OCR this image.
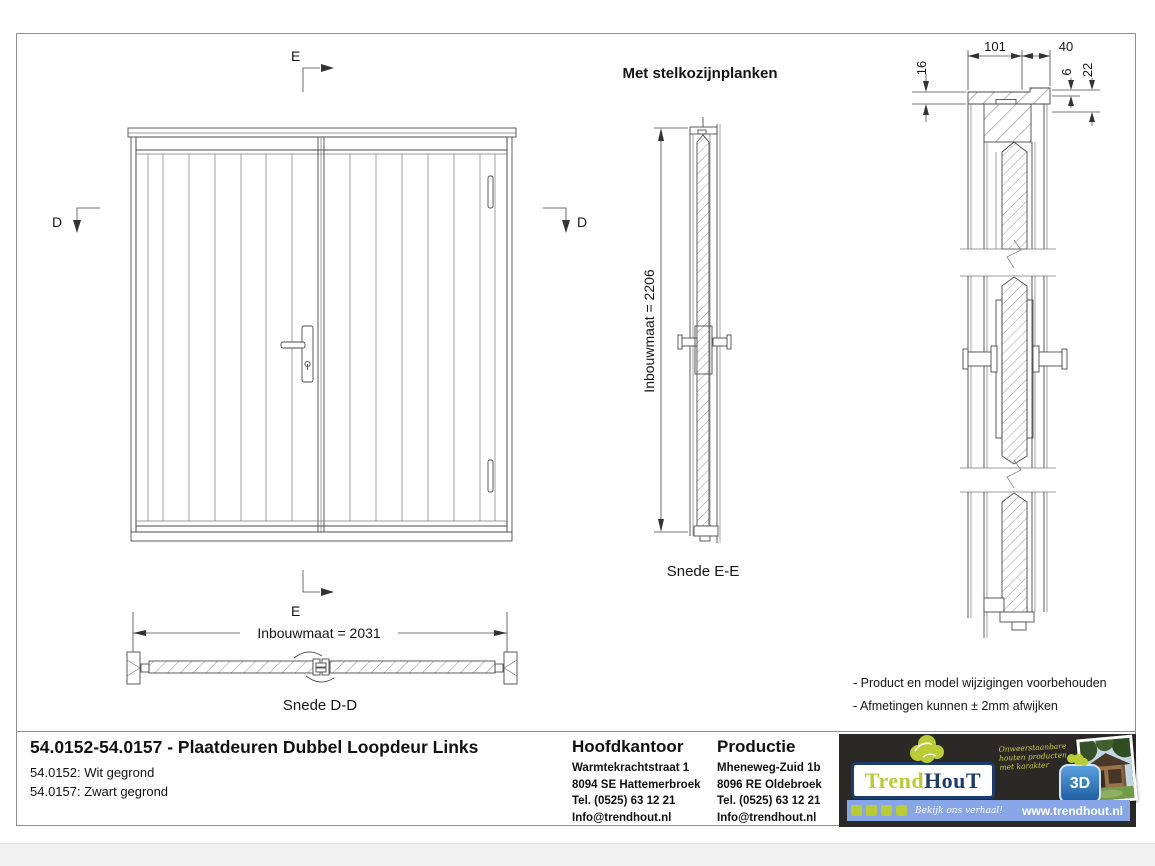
E
E
D	D
Inbouwmaat = 2031
Snede D-D
Met stelkozijnplanken
Inbouwmaat = 2206
Snede E-E
101	40
16	6 22
- Product en model wijzigingen voorbehouden
- Afmetingen kunnen ± 2mm afwijken
54.0152-54.0157 - Plaatdeuren Dubbel Loopdeur Links
54.0152: Wit gegrond
54.0157: Zwart gegrond
Hoofdkantoor
Warmtekrachtstraat 1
8094 SE Hattemerbroek
Tel. (0525) 63 12 21
Info@trendhout.nl
Productie
Mheneweg-Zuid 1b
8096 RE Oldebroek
Tel. (0525) 63 12 21
Info@trendhout.nl
Trend HouT
Onweerstaanbare
houten producten
met karakter
3D
Bekijk ons verhaal! www.trendhout.nl
